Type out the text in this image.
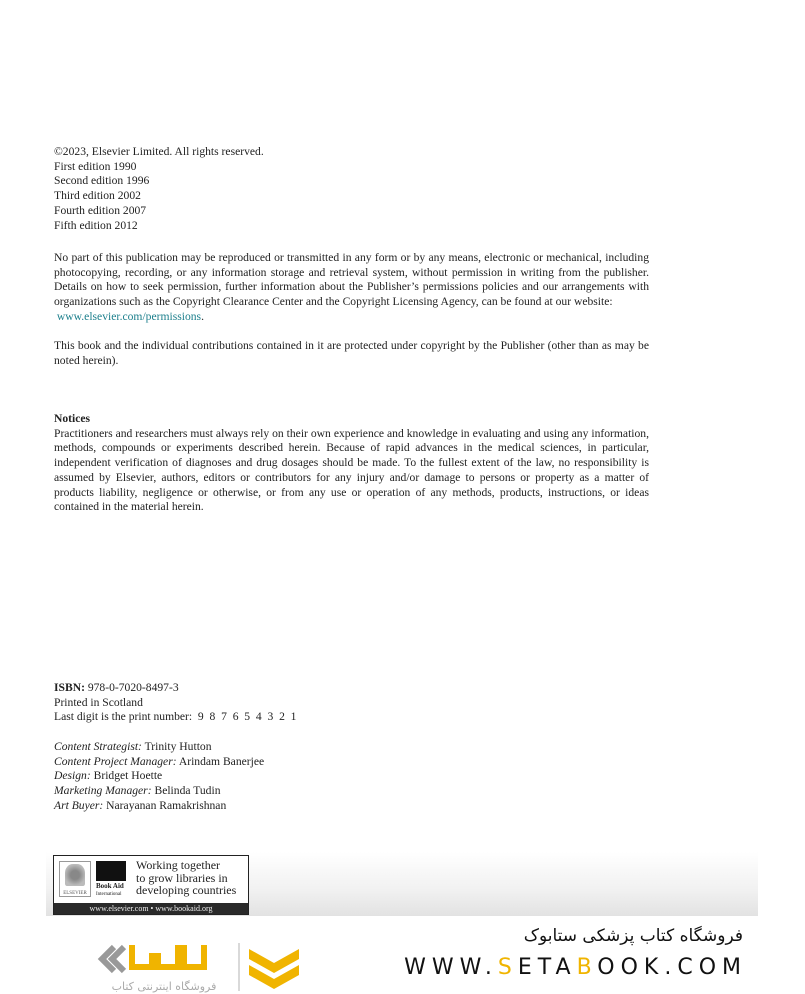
©2023, Elsevier Limited. All rights reserved.

First edition 1990

Second edition 1996

Third edition 2002

Fourth edition 2007

Fifth edition 2012

No part of this publication may be reproduced or transmitted in any form or by any means, electronic or mechanical, including photocopying, recording, or any information storage and retrieval system, without permission in writing from the publisher. Details on how to seek permission, further information about the Publisher’s permissions policies and our arrangements with organizations such as the Copyright Clearance Center and the Copyright Licensing Agency, can be found at our website:
www.elsevier.com/permissions.
This book and the individual contributions contained in it are protected under copyright by the Publisher (other than as may be noted herein).

Notices

Practitioners and researchers must always rely on their own experience and knowledge in evaluating and using any information, methods, compounds or experiments described herein. Because of rapid advances in the medical sciences, in particular, independent verification of diagnoses and drug dosages should be made. To the fullest extent of the law, no responsibility is assumed by Elsevier, authors, editors or contributors for any injury and/or damage to persons or property as a matter of products liability, negligence or otherwise, or from any use or operation of any methods, products, instructions, or ideas contained in the material herein.

ISBN: 978-0-7020-8497-3

Printed in Scotland

Last digit is the print number:  9  8  7  6  5  4  3  2  1

Content Strategist: Trinity Hutton

Content Project Manager: Arindam Banerjee

Design: Bridget Hoette

Marketing Manager: Belinda Tudin

Art Buyer: Narayanan Ramakrishnan

ELSEVIER
Book Aid
International
Working together
to grow libraries in
developing countries
www.elsevier.com • www.bookaid.org
فروشگاه اینترنتی کتاب
فروشگاه کتاب پزشکی ستابوک
WWW.SETABOOK.COM
